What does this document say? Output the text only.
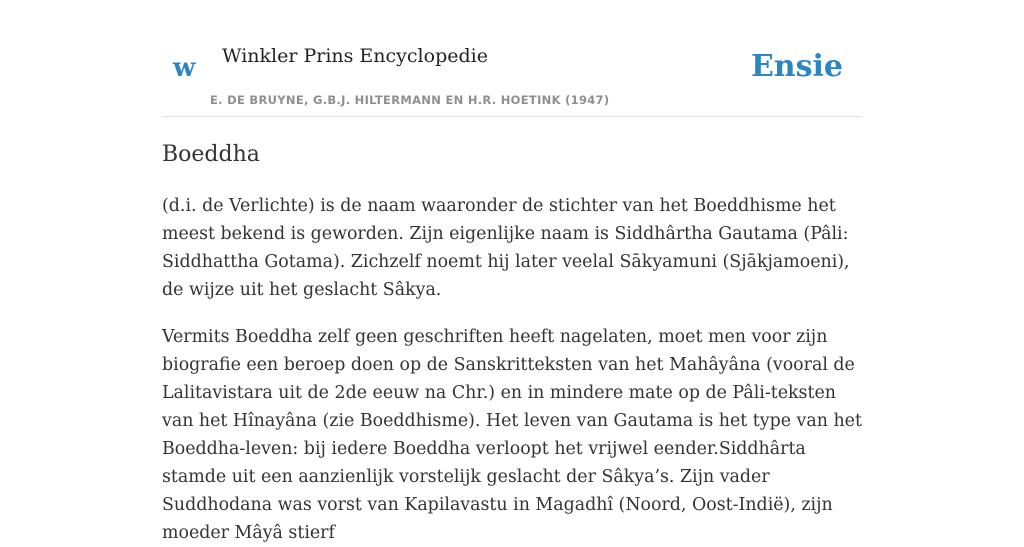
w Winkler Prins Encyclopedie
E. DE BRUYNE, G.B.J. HILTERMANN EN H.R. HOETINK (1947)
Ensie
Boeddha

(d.i. de Verlichte) is de naam waaronder de stichter van het Boeddhisme het meest bekend is geworden. Zijn eigenlijke naam is Siddhârtha Gautama (Pâli: Siddhattha Gotama). Zichzelf noemt hij later veelal Sākyamuni (Sjākjamoeni), de wijze uit het geslacht Sâkya.

Vermits Boeddha zelf geen geschriften heeft nagelaten, moet men voor zijn biografie een beroep doen op de Sanskritteksten van het Mahâyâna (vooral de Lalitavistara uit de 2de eeuw na Chr.) en in mindere mate op de Pâli-teksten van het Hînayâna (zie Boeddhisme). Het leven van Gautama is het type van het Boeddha-leven: bij iedere Boeddha verloopt het vrijwel eender.Siddhârta stamde uit een aanzienlijk vorstelijk geslacht der Sâkya’s. Zijn vader Suddhodana was vorst van Kapilavastu in Magadhî (Noord, Oost-Indië), zijn moeder Mâyâ stierf
